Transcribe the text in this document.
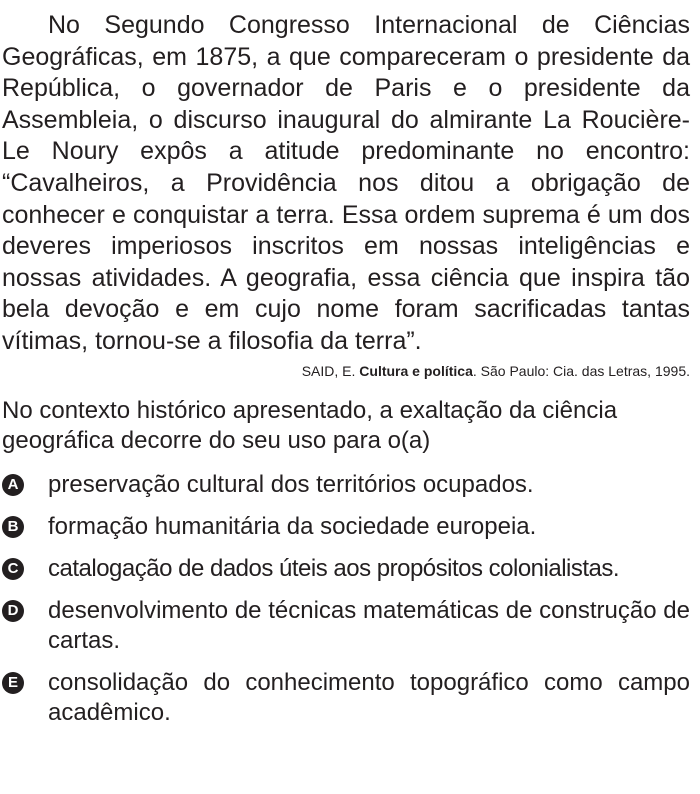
No Segundo Congresso Internacional de Ciências Geográficas, em 1875, a que compareceram o presidente da República, o governador de Paris e o presidente da Assembleia, o discurso inaugural do almirante La Roucière-Le Noury expôs a atitude predominante no encontro: “Cavalheiros, a Providência nos ditou a obrigação de conhecer e conquistar a terra. Essa ordem suprema é um dos deveres imperiosos inscritos em nossas inteligências e nossas atividades. A geografia, essa ciência que inspira tão bela devoção e em cujo nome foram sacrificadas tantas vítimas, tornou-se a filosofia da terra”.

SAID, E. Cultura e política. São Paulo: Cia. das Letras, 1995.

No contexto histórico apresentado, a exaltação da ciência geográfica decorre do seu uso para o(a)

A preservação cultural dos territórios ocupados.
B formação humanitária da sociedade europeia.
C catalogação de dados úteis aos propósitos colonialistas.
D desenvolvimento de técnicas matemáticas de construção de cartas.
E consolidação do conhecimento topográfico como campo acadêmico.
